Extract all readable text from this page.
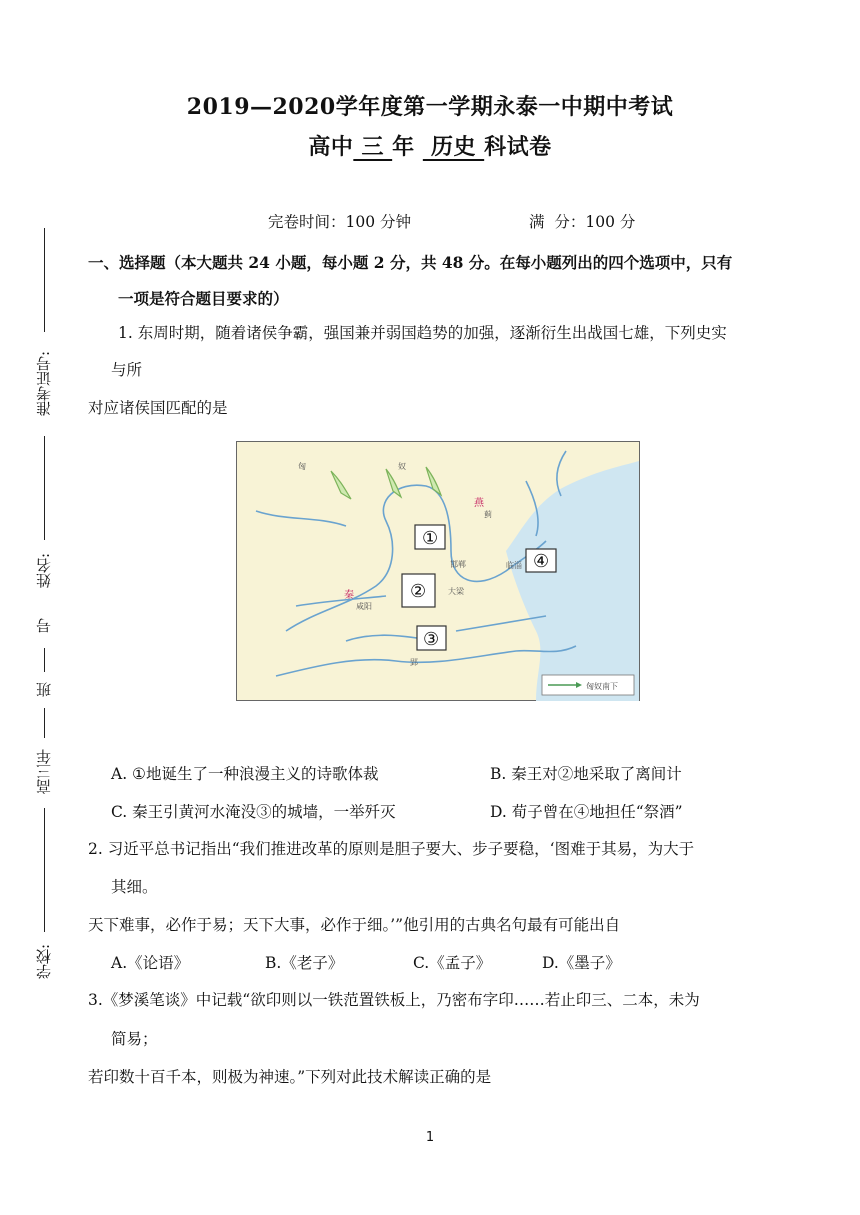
2019—2020学年度第一学期永泰一中期中考试
高中 三 年  历史 科试卷
完卷时间：100 分钟	满  分：100 分
准考证号:
姓名:
号
班
高三年
学校:
一、选择题（本大题共 24 小题，每小题 2 分，共 48 分。在每小题列出的四个选项中，只有
一项是符合题目要求的）
1. 东周时期，随着诸侯争霸，强国兼并弱国趋势的加强，逐渐衍生出战国七雄，下列史实
与所
对应诸侯国匹配的是
匈	奴
蓟
咸阳
邯郸	临淄
大梁
郢
燕
秦
①
②
③
④
匈奴南下
A. ①地诞生了一种浪漫主义的诗歌体裁	B. 秦王对②地采取了离间计
C. 秦王引黄河水淹没③的城墙，一举歼灭	D. 荀子曾在④地担任“祭酒”
2. 习近平总书记指出“我们推进改革的原则是胆子要大、步子要稳，‘图难于其易，为大于
其细。
天下难事，必作于易；天下大事，必作于细。’”他引用的古典名句最有可能出自
A.《论语》	B.《老子》	C.《孟子》	D.《墨子》
3.《梦溪笔谈》中记载“欲印则以一铁范置铁板上，乃密布字印……若止印三、二本，未为
简易；
若印数十百千本，则极为神速。”下列对此技术解读正确的是
1
